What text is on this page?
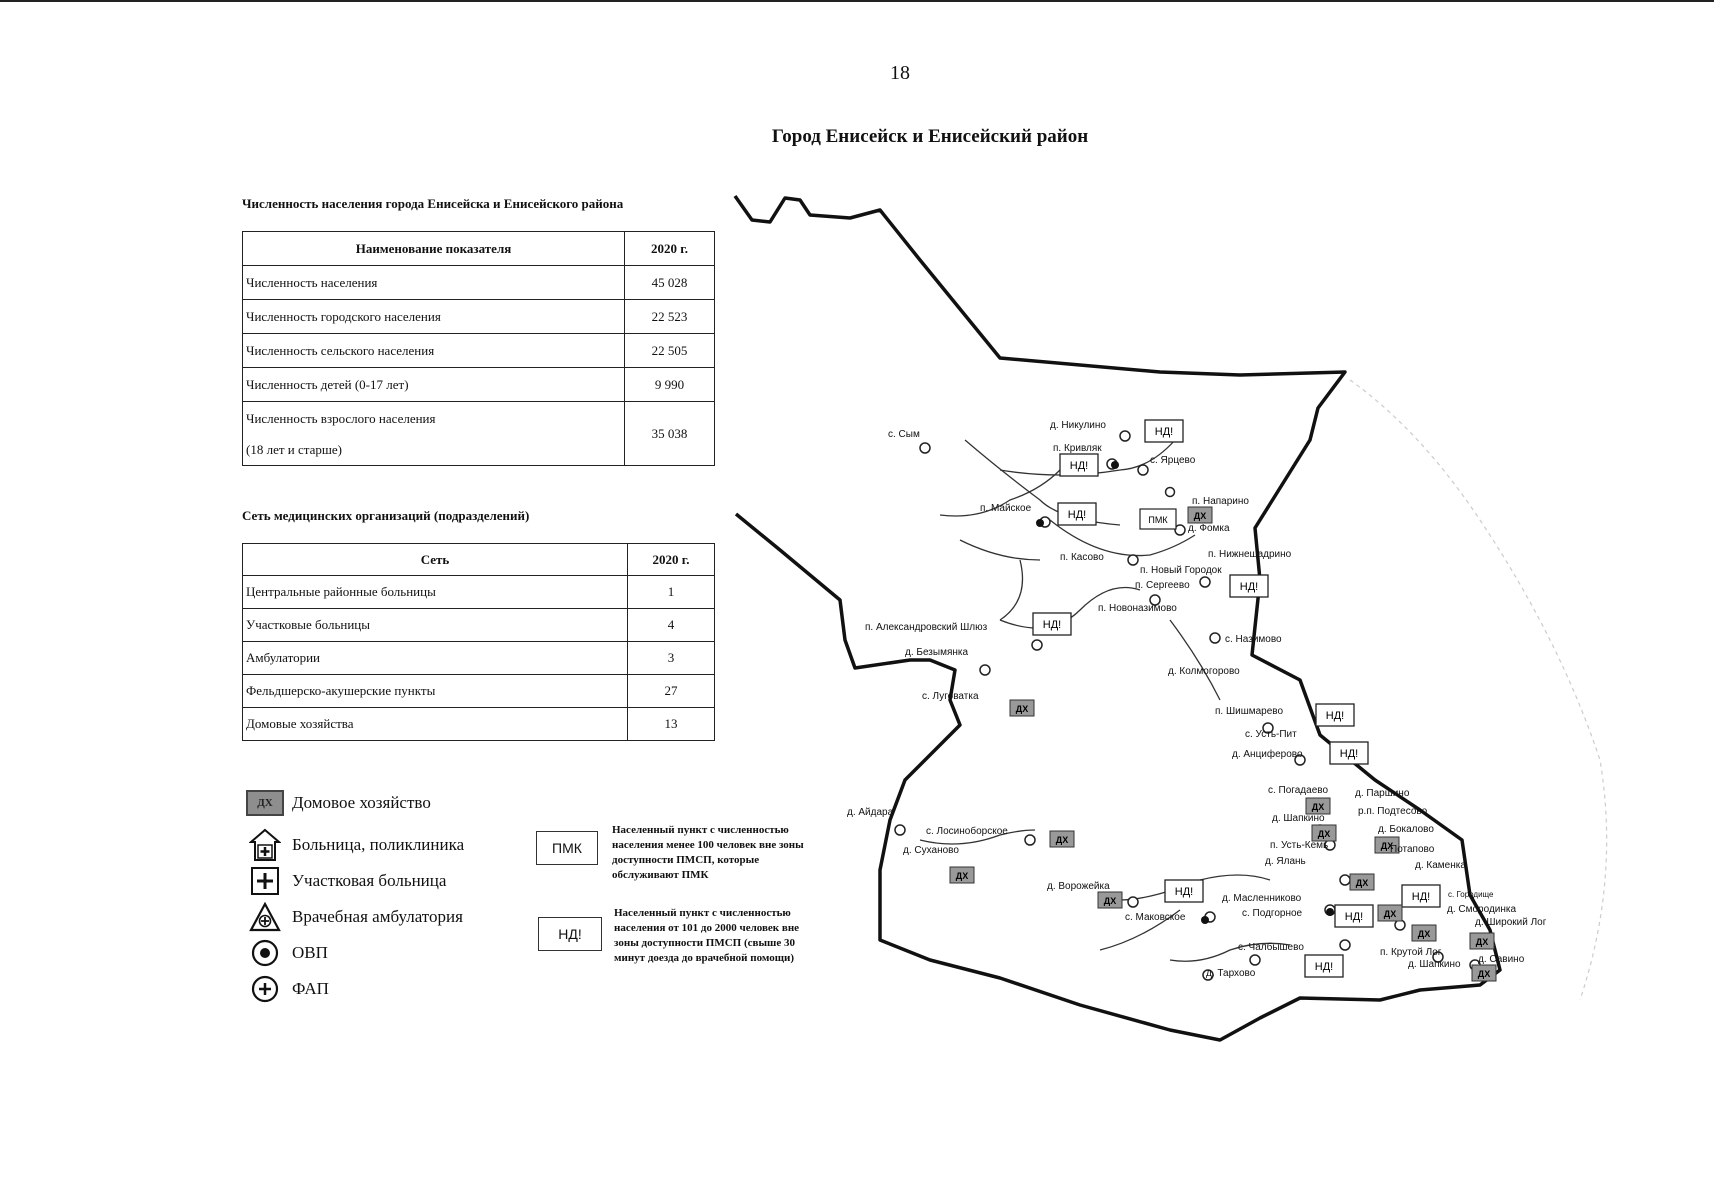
18
Город Енисейск и Енисейский район
Численность населения города Енисейска и Енисейского района
Наименование показателя	2020 г.
Численность населения	45 028
Численность городского населения	22 523
Численность сельского населения	22 505
Численность детей (0-17 лет)	9 990
Численность взрослого населения
(18 лет и старше)	35 038
Сеть медицинских организаций (подразделений)
Сеть	2020 г.
Центральные районные больницы	1
Участковые больницы	4
Амбулатории	3
Фельдшерско-акушерские пункты	27
Домовые хозяйства	13
ДХ	Домовое хозяйство
Больница, поликлиника
Участковая больница
Врачебная амбулатория
ОВП
ФАП
ПМК
Населенный пункт с численностью
населения менее 100 человек вне зоны
доступности ПМСП, которые
обслуживают ПМК
НД!
Населенный пункт с численностью
населения от 101 до 2000 человек вне
зоны доступности ПМСП (свыше 30
минут доезда до врачебной помощи)
НД!
НД!
НД!
НД!
НД!
НД!
НД!
НД!
НД!
НД!
НД!
ДХ
ДХ
ДХ
ДХ
ДХ
ДХ
ДХ
ДХ
ДХ
ДХ
ДХ
ДХ
ДХ
ПМК
с. Сым
д. Никулино
п. Кривляк
с. Ярцево
п. Майское
п. Напарино
д. Фомка
п. Нижнешадрино
п. Касово
п. Новый Городок
п. Сергеево
п. Новоназимово
с. Назимово
п. Александровский Шлюз
д. Безымянка
д. Колмогорово
с. Луговатка
п. Шишмарево
с. Усть-Пит
д. Анциферово
с. Погадаево	д. Паршино
р.п. Подтесово
д. Шапкино
п. Усть-Кемь
д. Бокалово
Потапово
д. Ялань	д. Каменка
д. Айдара
с. Лосиноборское
д. Суханово
д. Ворожейка
д. Масленниково	с. Городище
д. Смородинка
с. Подгорное
д. Широкий Лог
с. Маковское
с. Чалбышево	п. Крутой Лог
д. Шапкино д. Савино
д. Тархово
